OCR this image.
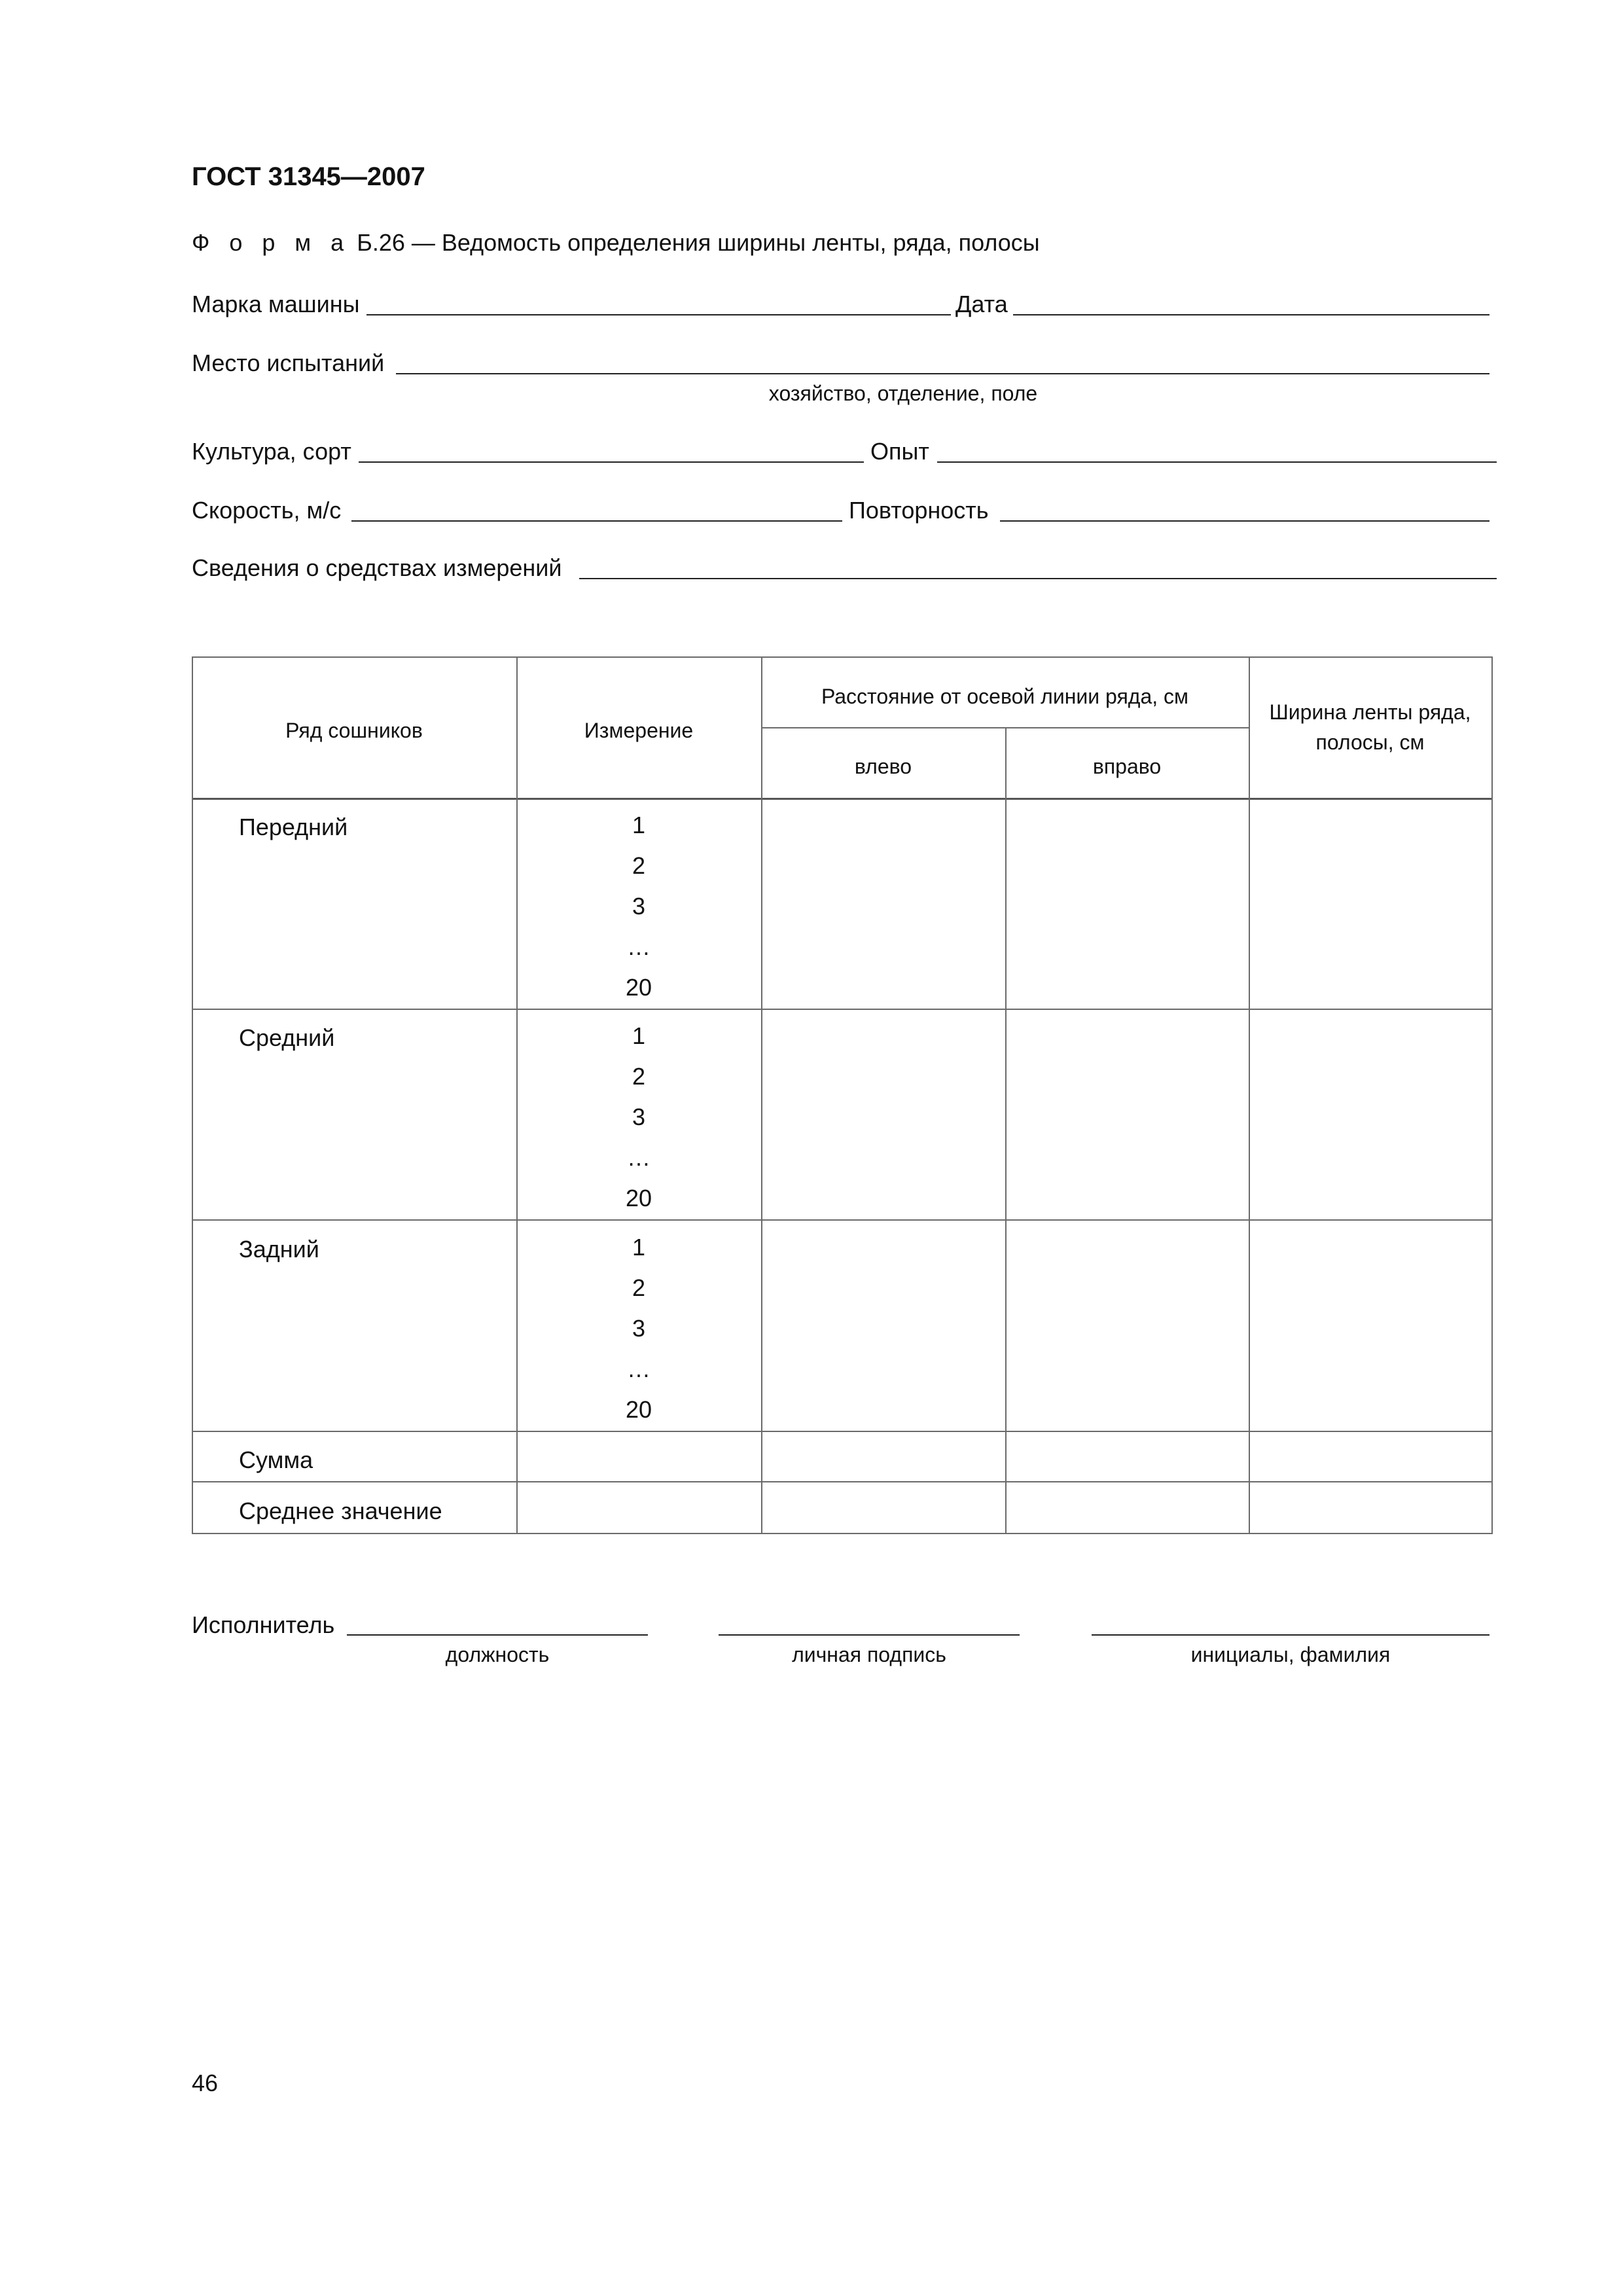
ГОСТ 31345—2007
Ф о р м а Б.26 — Ведомость определения ширины ленты, ряда, полосы
Марка машины	Дата
Место испытаний
хозяйство, отделение, поле
Культура, сорт	Опыт
Скорость, м/с	Повторность
Сведения о средствах измерений
Ряд сошников	Измерение
Расстояние от осевой линии ряда, см
влево	вправо
Ширина ленты ряда,
полосы, см
Передний	1
2
3
…
20
Средний	1
2
3
…
20
Задний	1
2
3
…
20
Сумма
Среднее значение
Исполнитель
должность	личная подпись	инициалы, фамилия
46
